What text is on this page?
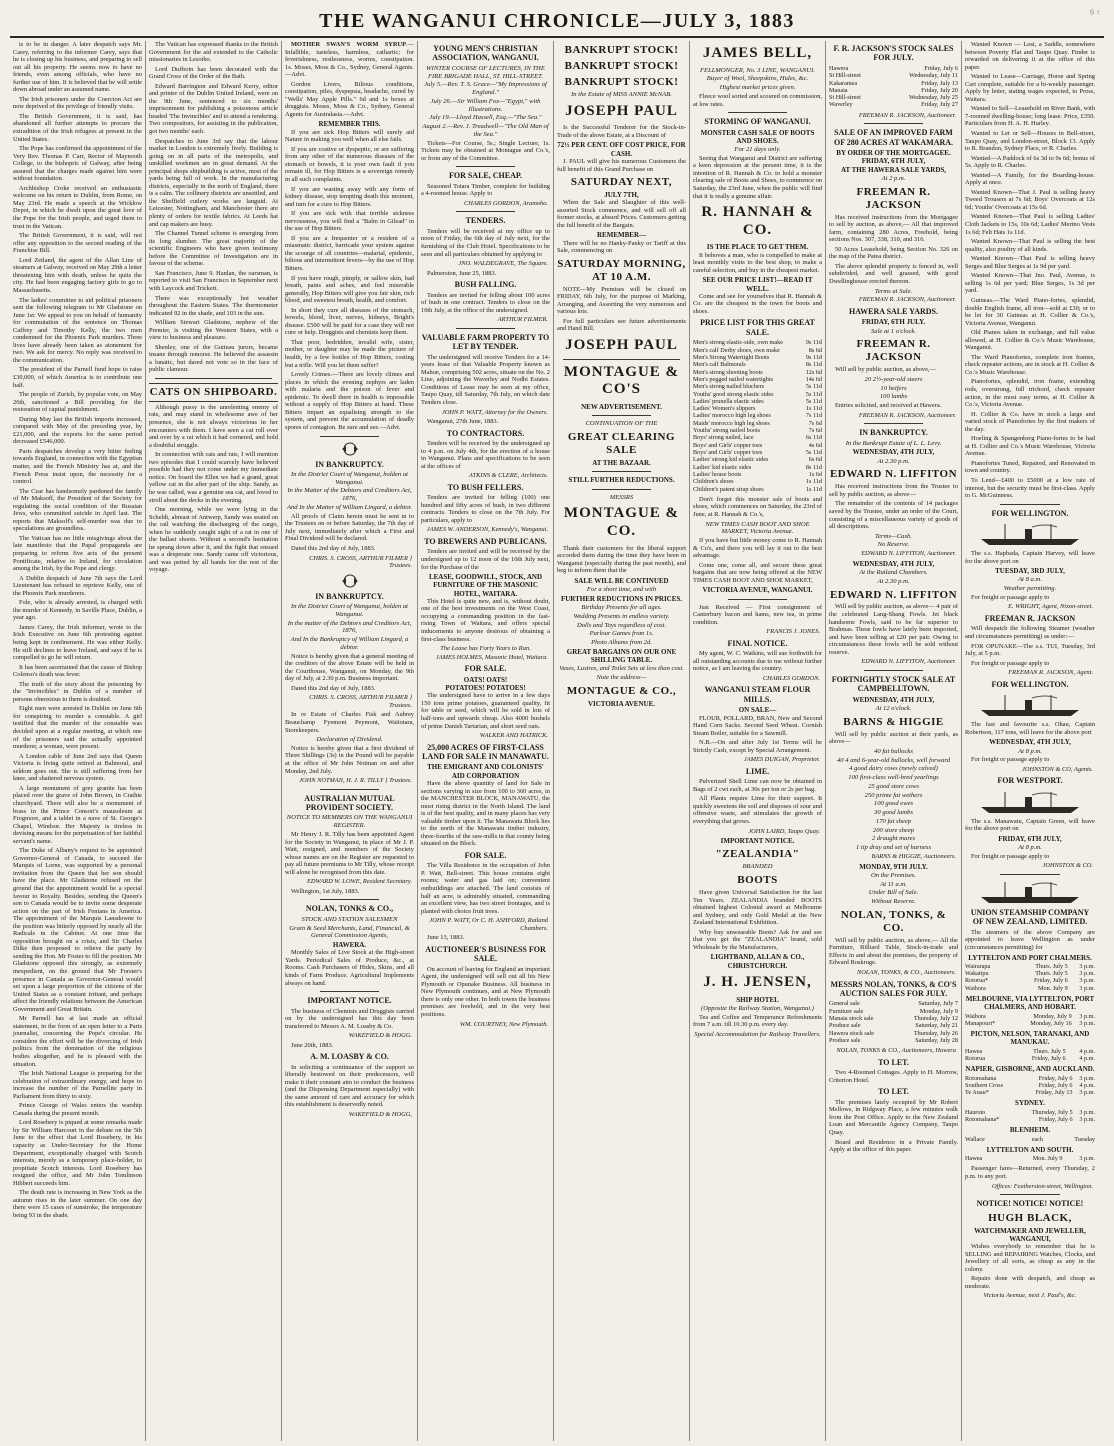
THE WANGANUI CHRONICLE—JULY 3, 1883	9 ↑

is to be in danger. A later despatch says Mr. Carey, referring to the informer Carey, says that he is closing up his business, and preparing to sell out all his property. He seems now to have no friends, even among officials, who have no further use of him. It is believed that he will settle down abroad under an assumed name.

The Irish prisoners under the Coercion Act are now deprived of the privilege of friendly visits.

The British Government, it is said, has abandoned all further attempts to procure the extradition of the Irish refugees at present in the United States.

The Pope has confirmed the appointment of the Very Rev. Thomas P. Carr, Rector of Maynooth College, to the bishopric of Galway, after being assured that the charges made against him were without foundation.

Archbishop Croke received an enthusiastic welcome on his return to Dublin, from Rome, on May 23rd. He made a speech at the Wicklow Depot, in which he dwelt upon the great love of the Pope for the Irish people, and urged them to trust in the Vatican.

The British Government, it is said, will not offer any opposition to the second reading of the Franchise Bill.

Lord Zetland, the agent of the Allan Line of steamers at Galway, received on May 29th a letter threatening him with death, unless he quits the city. He had been engaging factory girls to go to Massachusetts.

The ladies' committee to aid political prisoners sent the following telegram to Mr Gladstone on June 1st: We appeal to you on behalf of humanity for commutation of the sentence on Thomas Caffrey and Timothy Kelly, the two men condemned for the Phoenix Park murders. Three lives have already been taken as atonement for two. We ask for mercy. No reply was received to the communication.

The president of the Parnell fund hope to raise £30,000, of which America is to contribute one half.

The people of Zurich, by popular vote, on May 26th, sanctioned a Bill providing for the restoration of capital punishment.

During May last the British imports increased, compared with May of the preceding year, by £21,000, and the exports for the same period decreased £546,000.

Paris despatches develop a very bitter feeling towards England, in connection with the Egyptian matter, and the French Ministry has at, and the French Press insist upon, the necessity for a control.

The Czar has handsomely pardoned the family of Mr Maksoff, the President of the Society for regulating the social condition of the Russian Jews, who committed suicide in April last. The reports that Maksoff's self-murder was due to speculations are groundless.

The Vatican has no little misgivings about the late manifesto that the Papal propaganda are preparing to reform five acts of the present Pontificate, relative to Ireland, for circulation among the Irish, by the Pope and clergy.

A Dublin despatch of June 7th says the Lord Lieutenant has refused to reprieve Kelly, one of the Phoenix Park murderers.

Fole, who is already arrested, is charged with the murder of Kennedy, in Saville Place, Dublin, a year ago.

James Carey, the Irish informer, wrote to the Irish Executive on June 6th protesting against being kept in confinement. He was either Kelly. He still declines to leave Ireland, and says if he is compelled to go he will return.

It has been ascertained that the cause of Bishop Colenso's death was fever.

The truth of the story about the poisoning by the "Invincibles" in Dublin of a number of persons obnoxious to them is doubted.

Eight men were arrested in Dublin on June 6th for conspiring to murder a constable. A girl testified that the murder of the constable was decided upon at a regular meeting, at which one of the prisoners said the actually appointed murderer, a woman, were present.

A London cable of June 2nd says that Queen Victoria is living quite retired at Balmoral, and seldom goes out. She is still suffering from her knee, and shattered nervous system.

A large monument of grey granite has been placed over the grave of John Brown, in Crathie churchyard. There will also be a monument of brass in the Prince Consort's mausoleum at Frogmore, and a tablet in a nave of St. George's Chapel, Windsor. Her Majesty is tireless in devising means for the perpetuation of her faithful servant's name.

The Duke of Albany's request to be appointed Governor-General of Canada, to succeed the Marquis of Lorne, was supported by a personal invitation from the Queen that her son should have the place. Mr Gladstone refused on the ground that the appointment would be a special favour to Royalty. Besides, sending the Queen's son to Canada would be to invite some desperate action on the part of Irish Fenians in America. The appointment of the Marquis Lansdowne to the position was bitterly opposed by nearly all the Radicals in the Cabinet. At one time the opposition brought on a crisis, and Sir Charles Dilke then proposed to relieve the party by sending the Hon. Mr Foster to fill the position. Mr Gladstone opposed this strongly, as extremely inexpedient, on the ground that Mr Forster's presence in Canada as Governor-General would set upon a large proportion of the citizens of the United States as a constant irritant, and perhaps affect the friendly relations between the American Government and Great Britain.

Mr Parnell has at last made an official statement, in the form of an open letter to a Paris journalist, concerning the Pope's circular. He considers the effort will be the divorcing of Irish politics from the domination of the religious bodies altogether, and he is pleased with the situation.

The Irish National League is preparing for the celebration of extraordinary energy, and hope to increase the number of the Parnellite party in Parliament from thirty to sixty.

Prince George of Wales enters the warship Canada during the present month.

Lord Rosebery is piqued at some remarks made by Sir William Harcourt in the debate on the 5th June to the effect that Lord Rosebery, in his capacity as Under-Secretary for the Home Department, exceptionally charged with Scotch interests, merely as a temporary place-holder, to propitiate Scotch interests. Lord Rosebery has resigned the office, and Mr John Tomlinson Hibbert succeeds him.

The death rate is increasing in New York as the autumn rises in the later summer. On one day there were 15 cases of sunstroke, the temperature being 93 in the shade.

The Vatican has expressed thanks to the British Government for the aid extended to the Catholic missionaries in Lesotho.

Lord Dufferin has been decorated with the Grand Cross of the Order of the Bath.

Edward Barrington and Edward Kerry, editor and printer of the Dublin United Ireland, were on the 9th June, sentenced to six months' imprisonment for publishing a poisonous article headed 'The Invincibles' and to attend a rendering. Two compositors, for assisting in the publication, got two months' each.

Despatches to June 3rd say that the labour market in London is extremely lively. Building is going on in all parts of the metropolis, and unskilled workmen are in great demand. At the principal shops shipbuilding is active, most of the yards being full of work. In the manufacturing districts, especially in the north of England, there is a calm. The collinery districts are unsettled, and the Sheffield cutlery works are languid. At Leicester, Nottingham, and Manchester there are plenty of orders for textile fabrics. At Leeds hat and cap makers are busy.

The Channel Tunnel scheme is emerging from its long slumber. The great majority of the scientific Engineers who have given testimony before the Committee of Investigation are in favour of the scheme.

San Francisco, June 9. Hanlan, the oarsman, is reported to visit San Francisco in September next with Laycock and Trickett.

There was exceptionally hot weather throughout the Eastern States. The thermometer indicated 92 in the shade, and 103 in the sun.

William Stewart Gladstone, nephew of the Premier, is visiting the Western States, with a view to business and pleasure.

Shenley, one of the Guiteau jurors, became insane through remorse. He believed the assassin a lunatic, but dared not vote so in the face of public clamour.

CATS ON SHIPBOARD.

Although pussy is the unrelenting enemy of rats, and may stand in wholesome awe of her presence, she is not always victorious in her encounters with them. I have seen a cat roll over and over by a rat which it had cornered, and hold a doubtful struggle.

In connection with cats and rats, I will mention two episodes that I could scarcely have believed possible had they not come under my immediate notice. On board the Ellen we had a grand, great yellow cat in the after part of the ship. Sandy, as he was called, was a genuine sea cat, and loved to stroll about the decks in the evening.

One morning, while we were lying in the Scheldt, abreast of Antwerp, Sandy was seated on the rail watching the discharging of the cargo, when he suddenly caught sight of a rat in one of the ballast shoots. Without a second's hesitation he sprang down after it, and the fight that ensued was a desperate one. Sandy came off victorious, and was petted by all hands for the rest of the voyage.

MOTHER SWAN'S WORM SYRUP.—Infallible, tasteless, harmless, cathartic; for feverishness, restlessness, worms, constipation. 1s. Moses, Moss & Co., Sydney, General Agents.—Advt.

Gordon Livers, Bilious conditions, constipation, piles, dyspepsia, headache, cured by "Wells' May Apple Pills." 6d and 1s boxes at druggists. Moses, Moss & Co., Sydney, General Agents for Australasia.—Advt.

REMEMBER THIS.

If you are sick Hop Bitters will surely aid Nature in making you well when all else fails.

If you are costive or dyspeptic, or are suffering from any other of the numerous diseases of the stomach or bowels, it is your own fault if you remain ill, for Hop Bitters is a sovereign remedy in all such complaints.

If you are wasting away with any form of kidney disease, stop tempting death this moment, and turn for a cure to Hop Bitters.

If you are sick with that terrible sickness nervousness, you will find a "Balm in Gilead" in the use of Hop Bitters.

If you are a frequenter or a resident of a miasmatic district, barricade your system against the scourge of all countries—malarial, epidemic, bilious and intermittent fevers—by the use of Hop Bitters.

If you have rough, pimply, or sallow skin, bad breath, pains and aches, and feel miserable generally, Hop Bitters will give you fair skin, rich blood, and sweetest breath, health, and comfort.

In short they cure all diseases of the stomach, bowels, blood, liver, nerves, kidneys, Bright's disease. £500 will be paid for a case they will not cure or help. Druggists and chemists keep them.

That poor, bedridden, invalid wife, sister, mother, or daughter may be made the picture of health, by a few bottles of Hop Bitters, costing but a trifle. Will you let them suffer?

Lovely Crimes.—There are lovely climes and places in which the evening zephyrs are laden with malaria and the poison of fever and epidemic. To dwell there in health is impossible without a supply of Hop Bitters at hand. These Bitters impart an equalising strength to the system, and prevent the accumulation of deadly spores of contagion. Be sure and see.—Advt.

IN BANKRUPTCY.
In the District Court of Wanganui, holden at Wanganui.
In the Matter of the Debtors and Creditors Act, 1876,
And In the Matter of William Lingard, a debtor.

All proofs of Claim herein must be sent in to the Trustees on or before Saturday, the 7th day of July next, immediately after which a First and Final Dividend will be declared.

Dated this 2nd day of July, 1883.

CHRIS. S. CROSS, ARTHUR FILMER } Trustees.
IN BANKRUPTCY.
In the District Court of Wanganui, holden at Wanganui.
In the matter of the Debtors and Creditors Act, 1876,
And In the Bankruptcy of William Lingard, a debtor.

Notice is hereby given that a general meeting of the creditors of the above Estate will be held in the Courthouse, Wanganui, on Monday, the 9th day of July, at 2.30 p.m. Business important.

Dated this 2nd day of July, 1883.

CHRIS. S. CROSS, ARTHUR FILMER } Trustees.

In re Estate of Charles Fisk and Aubrey Beauchamp Fyemont Peymont, Waitotara, Storekeepers.

Declaration of Dividend.

Notice is hereby given that a first dividend of Three Shillings (3s) in the Pound will be payable at the office of Mr John Notman on and after Monday, 2nd July.

JOHN NOTMAN, H. J. R. TILLY } Trustees.
AUSTRALIAN MUTUAL PROVIDENT SOCIETY.
NOTICE TO MEMBERS ON THE WANGANUI REGISTER.

Mr Henry J. R. Tilly has been appointed Agent for the Society in Wanganui, in place of Mr J. P. Watt, resigned, and members of the Society whose names are on the Register are requested to pay all future premiums to Mr Tilly, whose receipt will alone be recognised from this date.

EDWARD W. LOWE, Resident Secretary.

Wellington, 1st July, 1883.

NOLAN, TONKS & CO.,
STOCK AND STATION SALESMEN
Grain & Seed Merchants, Land, Financial, & General Commission Agents,
HAWERA.

Monthly Sales of Live Stock at the High-street Yards. Periodical Sales of Produce, &c., at Rooms. Cash Purchasers of Hides, Skins, and all kinds of Farm Produce. Agricultural Implements always on hand.

IMPORTANT NOTICE.

The business of Chemists and Druggists carried on by the undersigned has this day been transferred to Messrs A. M. Loasby & Co.

WAKEFIELD & HOGG.

June 20th, 1883.

A. M. LOASBY & CO.

In soliciting a continuance of the support so liberally bestowed on their predecessors, will make it their constant aim to conduct the business (and the Dispensing Department especially) with the same amount of care and accuracy for which this establishment is deservedly noted.

WAKEFIELD & HOGG,
YOUNG MEN'S CHRISTIAN ASSOCIATION, WANGANUI.
WINTER COURSE OF LECTURES, IN THE FIRE BRIGADE HALL, ST. HILL-STREET.
July 5.—Rev. T. S. Grace—"My Impressions of England."
July 26.—Sir William Fox—"Egypt," with Illustrations.
July 19.—Lloyd Hassell, Esq.—"The Sea."
August 2.—Rev. J. Treadwell—"The Old Man of the Sea."

Tickets—For Course, 5s.; Single Lecture, 1s. Tickets may be obtained at Montague and Co.'s, or from any of the Committee.

FOR SALE, CHEAP.

Seasoned Totara Timber, complete for building a 4-roomed house. Apply to

CHARLES GORDON, Aramoho.
TENDERS.

Tenders will be received at my office up to noon of Friday, the 6th day of July next, for the furnishing of the Club Hotel. Specifications to be seen and all particulars obtained by applying to

JNO. WALDEGRAVE, The Square.

Palmerston, June 25, 1883.

BUSH FALLING.

Tenders are invited for felling about 100 acres of bush in one contract. Tenders to close on the 10th July, at the office of the undersigned.

ARTHUR FILMER.
VALUABLE FARM PROPERTY TO LET BY TENDER.

The undersigned will receive Tenders for a 14-years lease of that Valuable Property known as Mahoe, comprising 502 acres, situate on the No. 2 Line, adjoining the Waverley and Nodhi Estates. Conditions of Lease may be seen at my office, Taupo Quay, till Saturday, 7th July, on which date Tenders close.

JOHN P. WATT, Attorney for the Owners.

Wanganui, 27th June, 1883.

TO CONTRACTORS.

Tenders will be received by the undersigned up to 4 p.m. on July 4th, for the erection of a house in Wanganui. Plans and specifications to be seen at the offices of

ATKINS & CLERE, Architects.
TO BUSH FELLERS.

Tenders are invited for felling (100) one hundred and fifty acres of bush, in two different contracts. Tenders to close on the 7th July. For particulars, apply to

JAMES W. ANDERSON, Kennedy's, Wanganui.
TO BREWERS AND PUBLICANS.

Tenders are invited and will be received by the undersigned up to 12 noon of the 10th July next, for the Purchase of the

LEASE, GOODWILL, STOCK, AND FURNITURE OF THE MASONIC HOTEL, WAITARA.

This Hotel is quite new, and is, without doubt, one of the best investments on the West Coast, occupying a commanding position in the fast-rising Town of Waitara, and offers special inducements to anyone desirous of obtaining a first-class business.

The Lease has Forty Years to Run.
JAMES HOLMES, Masonic Hotel, Waitara.
FOR SALE.
OATS! OATS!
POTATOES! POTATOES!

The undersigned have to arrive in a few days 150 tons prime potatoes, guaranteed quality, fit for table or seed, which will be sold in lots of half-tons and upwards cheap. Also 4000 bushels of prime Danish Tartarian, and short seed oats.

WALKER AND HATRICK.
25,000 ACRES OF FIRST-CLASS LAND FOR SALE IN MANAWATU.
THE EMIGRANT AND COLONISTS' AID CORPORATION

Have the above quantity of land for Sale in sections varying in size from 100 to 360 acres, in the MANCHESTER BLOCK, MANAWATU, the most rising district in the North Island. The land is of the best quality, and in many places has very valuable timber upon it. The Manawatu Block lies to the north of the Manawatu timber industry, three-fourths of the saw-mills in that county being situated on the Block.

FOR SALE.

The Villa Residence in the occupation of John P. Watt, Bell-street. This house contains eight rooms; water and gas laid on; convenient outbuildings are attached. The land consists of half an acre, is admirably situated, commanding an excellent view, has two street frontages, and is planted with choice fruit trees.

JOHN P. WATT, Or C. H. ASHFORD, Rutland Chambers.

June 13, 1883.

AUCTIONEER'S BUSINESS FOR SALE.

On account of leaving for England an important Agent, the undersigned will sell out all his New Plymouth or Opunake Business. All business in New Plymouth continues, and at New Plymouth there is only one other. In both towns the business premises are freehold, and in the very best positions.

WM. COURTNEY, New Plymouth.
BANKRUPT STOCK!
BANKRUPT STOCK!
BANKRUPT STOCK!
In the Estate of MISS ANNIE McNAB.
JOSEPH PAUL

Is the Successful Tenderer for the Stock-in-Trade of the above Estate, at a Discount of

72½ PER CENT. OFF COST PRICE, FOR CASH.

J. PAUL will give his numerous Customers the full benefit of this Grand Purchase on

SATURDAY NEXT,
JULY 7TH,

When the Sale and Slaughter of this well-assorted Stock commence, and will sell off all former stocks, at absurd Prices. Customers getting the full benefit of the Bargain.

REMEMBER—

There will be no Hanky-Panky or Tariff at this Sale, commencing on

SATURDAY MORNING, AT 10 A.M.

NOTE—My Premises will be closed on FRIDAY, 6th July, for the purpose of Marking, Arranging, and Assorting the very numerous and various lots.

For full particulars see future advertisements and Hand Bill.

JOSEPH PAUL
MONTAGUE & CO'S
NEW ADVERTISEMENT.
CONTINUATION OF THE
GREAT CLEARING SALE
AT THE BAZAAR.
STILL FURTHER REDUCTIONS.
MESSRS
MONTAGUE & CO.

Thank their customers for the liberal support accorded them during the time they have been in Wanganui (especially during the past month), and beg to inform them that the

SALE WILL BE CONTINUED
For a short time, and with
FURTHER REDUCTIONS IN PRICES.
Birthday Presents for all ages.
Wedding Presents in endless variety.
Dolls and Toys regardless of cost.
Parlour Games from 1s.
Photo Albums from 2d.
GREAT BARGAINS ON OUR ONE SHILLING TABLE.
Vases, Lustres, and Toilet Sets at less than cost.
Note the address—
MONTAGUE & CO.,
VICTORIA AVENUE.
JAMES BELL,
FELLMONGER, No. 3 LINE, WANGANUI.
Buyer of Wool, Sheepskins, Hides, &c.
Highest market prices given.

Fleece wool sorted and scoured on commission, at low rates.

STORMING OF WANGANUI.
MONSTER CASH SALE OF BOOTS AND SHOES.
For 21 days only.

Seeing that Wanganui and District are suffering a keen depression at the present time, it is the intention of R. Hannah & Co. to hold a monster clearing sale of Boots and Shoes, to commence on Saturday, the 23rd June, when the public will find that it is really a genuine affair.

R. HANNAH & CO.
IS THE PLACE TO GET THEM.

It behoves a man, who is compelled to make at least monthly visits to the best shop, to make a careful selection, and buy in the cheapest market.

SEE OUR PRICE LIST!—READ IT WELL.

Come and see for yourselves that R. Hannah & Co. are the cheapest in the town for boots and shoes.

PRICE LIST FOR THIS GREAT SALE.
Men's strong elastic-side, own make	9s 11d
Men's calf Derby shoes, own make	8s 6d
Men's Strong Watertight Boots	9s 11d
Men's calf Balmorals	8s 11d
Men's strong shooting boots	12s 6d
Men's pegged nailed watertights	14s 6d
Men's strong nailed bluchers	5s 11d
Youths' good strong elastic sides	5s 11d
Ladies' prunella elastic sides	5s 11d
Ladies' Women's slippers	1s 11d
Ladies' morocco high leg shoes	7s 11d
Maids' morocco high leg shoes	7s 6d
Youths' strong nailed boots	7s 6d
Boys' strong nailed, lace	6s 11d
Boys' and Girls' copper toes	4s 6d
Boys' and Girls' copper toes	5s 11d
Ladies' strong kid elastic sides	6s 6d
Ladies' kid elastic sides	8s 11d
Ladies' house boots	1s 6d
Children's shoes	1s 11d
Children's patent strap shoes	1s 11d

Don't forget this monster sale of boots and shoes, which commences on Saturday, the 23rd of June, at R. Hannah & Co.'s,

NEW TIMES CASH BOOT AND SHOE MARKET, Victoria Avenue.

If you have but little money come to R. Hannah & Co's, and there you will lay it out to the best advantage.

Come one, come all, and secure these great bargains that are now being offered at the NEW TIMES CASH BOOT AND SHOE MARKET,

VICTORIA AVENUE, WANGANUI.

Just Received — First consignment of Canterbury bacon and hams, new tea, in prime condition.

FRANCIS J. JONES.
FINAL NOTICE.

My agent, W. C. Watkins, will sue forthwith for all outstanding accounts due to me without further notice, as I am leaving the country.

CHARLES GORDON.
WANGANUI STEAM FLOUR MILLS.
ON SALE—

FLOUR, POLLARD, BRAN, New and Second Hand Corn Sacks. Second Seed Wheat. Cornish Steam Boiler, suitable for a Sawmill.

N.B.—On and after July 1st Terms will be Strictly Cash, except by Special Arrangement.

JAMES DUIGAN, Proprietor.
LIME.

Pulverized Shell Lime can now be obtained in Bags of 2 cwt each, at 30s per ton or 2s per bag.

All Plants require Lime for their support. It quickly sweetens the soil and disposes of sour and offensive waste, and stimulates the growth of everything that grows.

JOHN LAIRD, Taupo Quay.
IMPORTANT NOTICE.
"ZEALANDIA"
BRANDED
BOOTS

Have given Universal Satisfaction for the last Ten Years. ZEALANDIA branded BOOTS obtained highest Colonial award at Melbourne and Sydney, and only Gold Medal at the New Zealand International Exhibition.

Why buy unwearable Boots? Ask for and see that you get the "ZEALANDIA" brand, sold Wholesale by the Manufacturers,

LIGHTBAND, ALLAN & CO., CHRISTCHURCH.
J. H. JENSEN,
SHIP HOTEL
(Opposite the Railway Station, Wanganui.)

Tea and Coffee and Temperance Refreshments from 7 a.m. till 10.30 p.m. every day.

Special Accommodation for Railway Travellers.
F. R. JACKSON'S STOCK SALES FOR JULY.
Hawera	Friday, July 6
St Hill-street	Wednesday, July 11
Kakaramea	Friday, July 13
Manaia	Friday, July 20
St Hill-street	Wednesday, July 25
Waverley	Friday, July 27
FREEMAN R. JACKSON, Auctioneer.
SALE OF AN IMPROVED FARM OF 280 ACRES AT WAKAMARA.
BY ORDER OF THE MORTGAGEE.
FRIDAY, 6TH JULY,
AT THE HAWERA SALE YARDS,
At 2 p.m.
FREEMAN R. JACKSON

Has received instructions from the Mortgagee to sell by auction, as above,— All that improved farm, containing 280 Acres, Freehold, being sections Nos. 307, 338, 310, and 316.

50 Acres Leasehold, being Section No. 326 on the map of the Patea district.

The above splendid property is fenced in, well subdivided, and well grassed, with good Dwellinghouse erected thereon.

Terms at Sale.
FREEMAN R. JACKSON, Auctioneer.
HAWERA SALE YARDS.
FRIDAY, 6TH JULY.
Sale at 1 o'clock.
FREEMAN R. JACKSON

Will sell by public auction, as above,—

20 2½-year-old steers
10 heifers
100 lambs

Entries solicited, and received at Hawera.

FREEMAN R. JACKSON, Auctioneer.
IN BANKRUPTCY.
In the Bankrupt Estate of L. L. Levy.
WEDNESDAY, 4TH JULY,
At 2.30 p.m.
EDWARD N. LIFFITON

Has received instructions from the Trustee to sell by public auction, as above—

The remainder of the contents of 14 packages saved by the Trustee, under an order of the Court, consisting of a miscellaneous variety of goods of all descriptions.

Terms—Cash.
No Reserve.
EDWARD N. LIFFITON, Auctioneer.
WEDNESDAY, 4TH JULY,
At the Rutland Chambers.
At 2.30 p.m.
EDWARD N. LIFFITON

Will sell by public auction, as above— 4 pair of the celebrated Lang-Shang Fowls. Jet black handsome Fowls, said to be far superior to Brahmas. These fowls have lately been imported, and have been selling at £20 per pair. Owing to circumstances these fowls will be sold without reserve.

EDWARD N. LIFFITON, Auctioneer.
FORTNIGHTLY STOCK SALE AT CAMPBELLTOWN.
WEDNESDAY, 4TH JULY,
At 12 o'clock.
BARNS & HIGGIE

Will sell by public auction at their yards, as above—

40 fat bullocks
40 4 and 6-year-old bullocks, well forward
4 good dairy cows (newly calved)
100 first-class well-bred yearlings
25 good store cows
250 prime fat wethers
100 good ewes
30 good lambs
170 fat sheep
200 store sheep
2 draught mares
1 tip dray and set of harness
BARNS & HIGGIE, Auctioneers.
MONDAY, 9TH JULY.
On the Premises.
At 11 a.m.
Under Bill of Sale.
Without Reserve.
NOLAN, TONKS, & CO.

Will sell by public auction, as above,— All the Furniture, Billiard Table, Stock-in-trade and Effects in and about the premises, the property of Edward Roskruge.

NOLAN, TONKS, & CO., Auctioneers.
MESSRS NOLAN, TONKS, & CO'S AUCTION SALES FOR JULY.
General sale	Saturday, July 7
Furniture sale	Monday, July 9
Manaia stock sale	Thursday, July 12
Produce sale	Saturday, July 21
Hawera stock sale	Thursday, July 26
Produce sale	Saturday, July 28
NOLAN, TONKS & CO., Auctioneers, Hawera
TO LET.

Two 4-Roomed Cottages. Apply to H. Morrow, Criterion Hotel.

TO LET.

The premises lately occupied by Mr Robert Mellows, in Ridgway Place, a few minutes walk from the Post Office. Apply to the New Zealand Loan and Mercantile Agency Company, Taupo Quay.

Board and Residence in a Private Family. Apply at the office of this paper.

Wanted Known — Lost, a Saddle, somewhere between Poverty Flat and Taupo Quay. Finder is rewarded on delivering it at the office of this paper.

Wanted to Lease—Carriage, Horse and Spring Cart complete, suitable for a bi-weekly passenger. Apply by letter, stating wages expected, to Pross, Waitara.

Wanted to Sell—Leasehold on River Bank, with 7-roomed dwelling-house; long lease. Price, £350. Particulars from H. A. H. Hurley.

Wanted to Let or Sell—Houses in Bell-street, Taupo Quay, and London-street, Block 13. Apply to R. Brandon, Sydney Place, or R. Charles.

Wanted—A Paddock of 6s 3d to 9s 6d; bonus of 5s. Apply to R. Charles.

Wanted—A Family, for the Boarding-house. Apply at once.

Wanted Known—That J. Paul is selling heavy Tweed Trousers at 7s 6d; Boys' Overcoats at 12s 6d; Youths' Overcoats at 15s 6d.

Wanted Known—That Paul is selling Ladies' Cloth Jackets to 15s, 10s 6d; Ladies' Merino Vests 1s 6d; Felt Hats 1s 11d.

Wanted Known—That Paul is selling the best quality, also poultry of all kinds.

Wanted Known—That Paul is selling heavy Serges and Blue Serges at 1s 9d per yard.

Wanted Known—That Jno. Paul, Avenue, is selling 1s 6d per yard; Blue Serges, 1s 3d per yard.

Guineas.—The Ward Piano-fortes, splendid, double English frame, all iron—sold at £30; or to be let for 30 Guineas at H. Collier & Co.'s, Victoria Avenue, Wanganui.

Old Pianos taken in exchange, and full value allowed, at H. Collier & Co.'s Music Warehouse, Wanganui.

The Ward Pianofortes, complete iron frames, check repeater actions, are in stock at H. Collier & Co.'s Music Warehouse.

Pianofortes, splendid, iron frame, extending rods, overstrung, full trichord, check repeater action, in the most easy terms, at H. Collier & Co.'s, Victoria Avenue.

H. Collier & Co. have in stock a large and varied stock of Pianofortes by the first makers of the day.

Hoeling & Spangenberg Piano-fortes to be had at H. Collier and Co.'s Music Warehouse, Victoria Avenue.

Pianofortes Tuned, Repaired, and Renovated in town and country.

To Lend—£400 to £5000 at a low rate of interest, but the security must be first-class. Apply to G. McGuinness.

FOR WELLINGTON.

The s.s. Hapbada, Captain Harvey, will leave for the above port on

TUESDAY, 3RD JULY,
At 8 a.m.
Weather permitting.

For freight or passage apply to

E. WRIGHT, Agent, Nixon-street.
FREEMAN R. JACKSON

Will despatch the following Steamer (weather and circumstances permitting) as under:—

FOR OPUNAKE—The s.s. TUI, Tuesday, 3rd July, at 5 p.m.

For freight or passage apply to

FREEMAN R. JACKSON, Agent.
FOR WELLINGTON.

The fast and favourite s.s. Ohau, Captain Robertson, 117 tons, will leave for the above port

WEDNESDAY, 4TH JULY,
At 8 p.m.

For freight or passage apply to

JOHNSTON & CO, Agents.
FOR WESTPORT.

The s.s. Manawatu, Captain Green, will leave for the above port on

FRIDAY, 6TH JULY,
At 8 p.m.

For freight or passage apply to

JOHNSTON & CO.
UNION STEAMSHIP COMPANY OF NEW ZEALAND, LIMITED.

The steamers of the above Company are appointed to leave Wellington as under (circumstances permitting) for

LYTTELTON AND PORT CHALMERS.
Wairarapa	Thurs. July 5	3 p.m.
Wakatipu	Thurs. July 5	3 p.m.
Rotorua*	Friday, July 6	3 p.m.
Waihora	Mon. July 9	3 p.m.
MELBOURNE, VIA LYTTELTON, PORT CHALMERS, AND HOBART.
Waihora	Monday, July 9	3 p.m.
Manapouri*	Monday, July 16	3 p.m.
PICTON, NELSON, TARANAKI, AND MANUKAU.
Hawea	Thurs. July 5	4 p.m.
Rotorua	Friday, July 6	4 p.m.
NAPIER, GISBORNE, AND AUCKLAND.
Rotomahana	Friday, July 6	3 p.m.
Southern Cross	Friday, July 6	4 p.m.
Te Anau*	Friday, July 13	3 p.m.
SYDNEY.
Hauroto	Thursday, July 5	3 p.m.
Rotomahana*	Friday, July 6	3 p.m.
BLENHEIM.
Wallace	each	Tuesday
LYTTELTON AND SOUTH.
Hawea	Mon. July 9	3 p.m.

Passenger fares—Returned, every Thursday, 2 p.m. to any port.

Offices: Featherston-street, Wellington.
NOTICE! NOTICE! NOTICE!
HUGH BLACK,
WATCHMAKER AND JEWELLER, WANGANUI,

Wishes everybody to remember that he is SELLING and REPAIRING Watches, Clocks, and Jewellery of all sorts, as cheap as any in the colony.

Repairs done with despatch, and cheap as moderate.

Victoria Avenue, next J. Paul's, &c.
